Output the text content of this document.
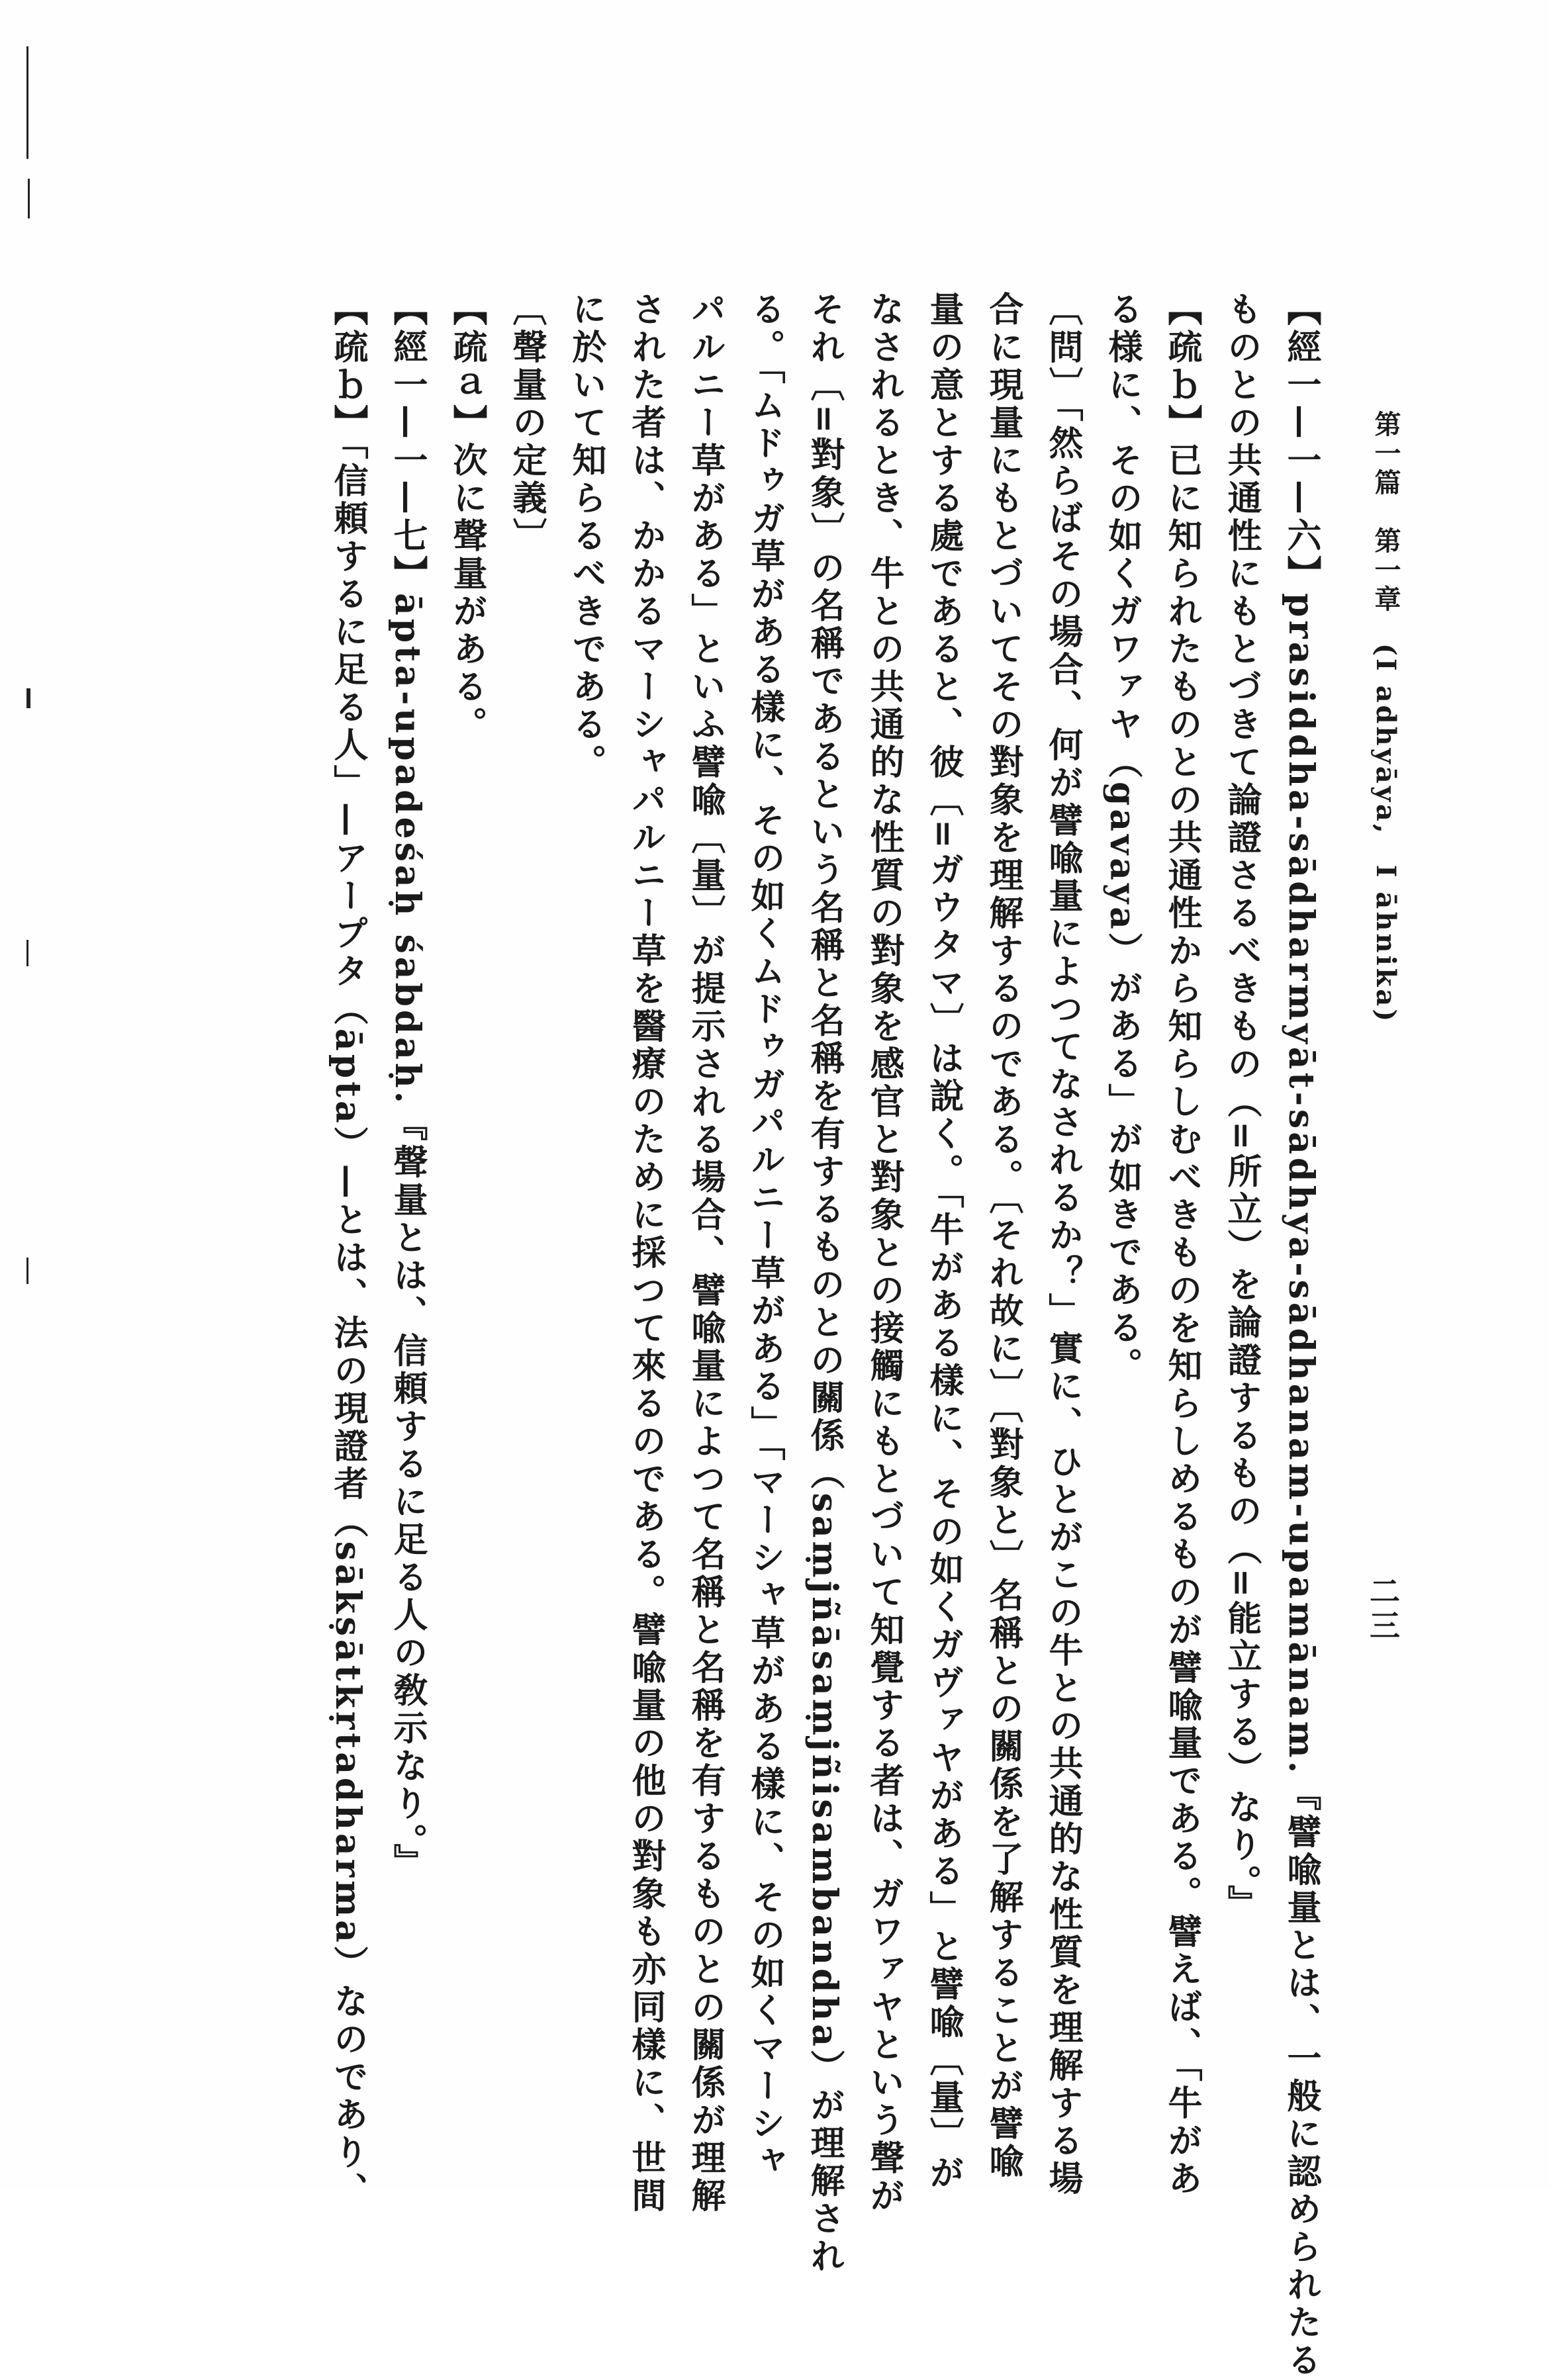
第一篇　第一章　(I adhyāya,　I āhnika)
二三
【經一—一—六】prasiddha-sādharmyāt-sādhya-sādhanam-upamānam.『譬喩量とは、一般に認められたる
ものとの共通性にもとづきて論證さるべきもの（=所立）を論證するもの（=能立する）なり。』
【疏ｂ】已に知られたものとの共通性から知らしむべきものを知らしめるものが譬喩量である。譬えば、「牛があ
る様に、その如くガワァヤ（gavaya）がある」が如きである。
〔問〕「然らばその場合、何が譬喩量によつてなされるか？」實に、ひとがこの牛との共通的な性質を理解する場
合に現量にもとづいてその對象を理解するのである。〔それ故に〕〔對象と〕名稱との關係を了解することが譬喩
量の意とする處であると、彼〔=ガウタマ〕は說く。「牛がある樣に、その如くガヴァヤがある」と譬喩〔量〕が
なされるとき、牛との共通的な性質の對象を感官と對象との接觸にもとづいて知覺する者は、ガワァヤという聲が
それ〔=對象〕の名稱であるという名稱と名稱を有するものとの關係（saṃjñāsaṃjñisambandha）が理解され
る。「ムドゥガ草がある樣に、その如くムドゥガパルニー草がある」「マーシャ草がある樣に、その如くマーシャ
パルニー草がある」といふ譬喩〔量〕が提示される場合、譬喩量によつて名稱と名稱を有するものとの關係が理解
された者は、かかるマーシャパルニー草を醫療のために採つて來るのである。譬喩量の他の對象も亦同樣に、世間
に於いて知らるべきである。
〔聲量の定義〕
【疏ａ】次に聲量がある。
【經一—一—七】āpta-upadeśaḥ śabdaḥ.『聲量とは、信頼するに足る人の敎示なり。』
【疏ｂ】「信頼するに足る人」—アープタ（āpta）—とは、法の現證者（sākṣātkṛtadharma）なのであり、
